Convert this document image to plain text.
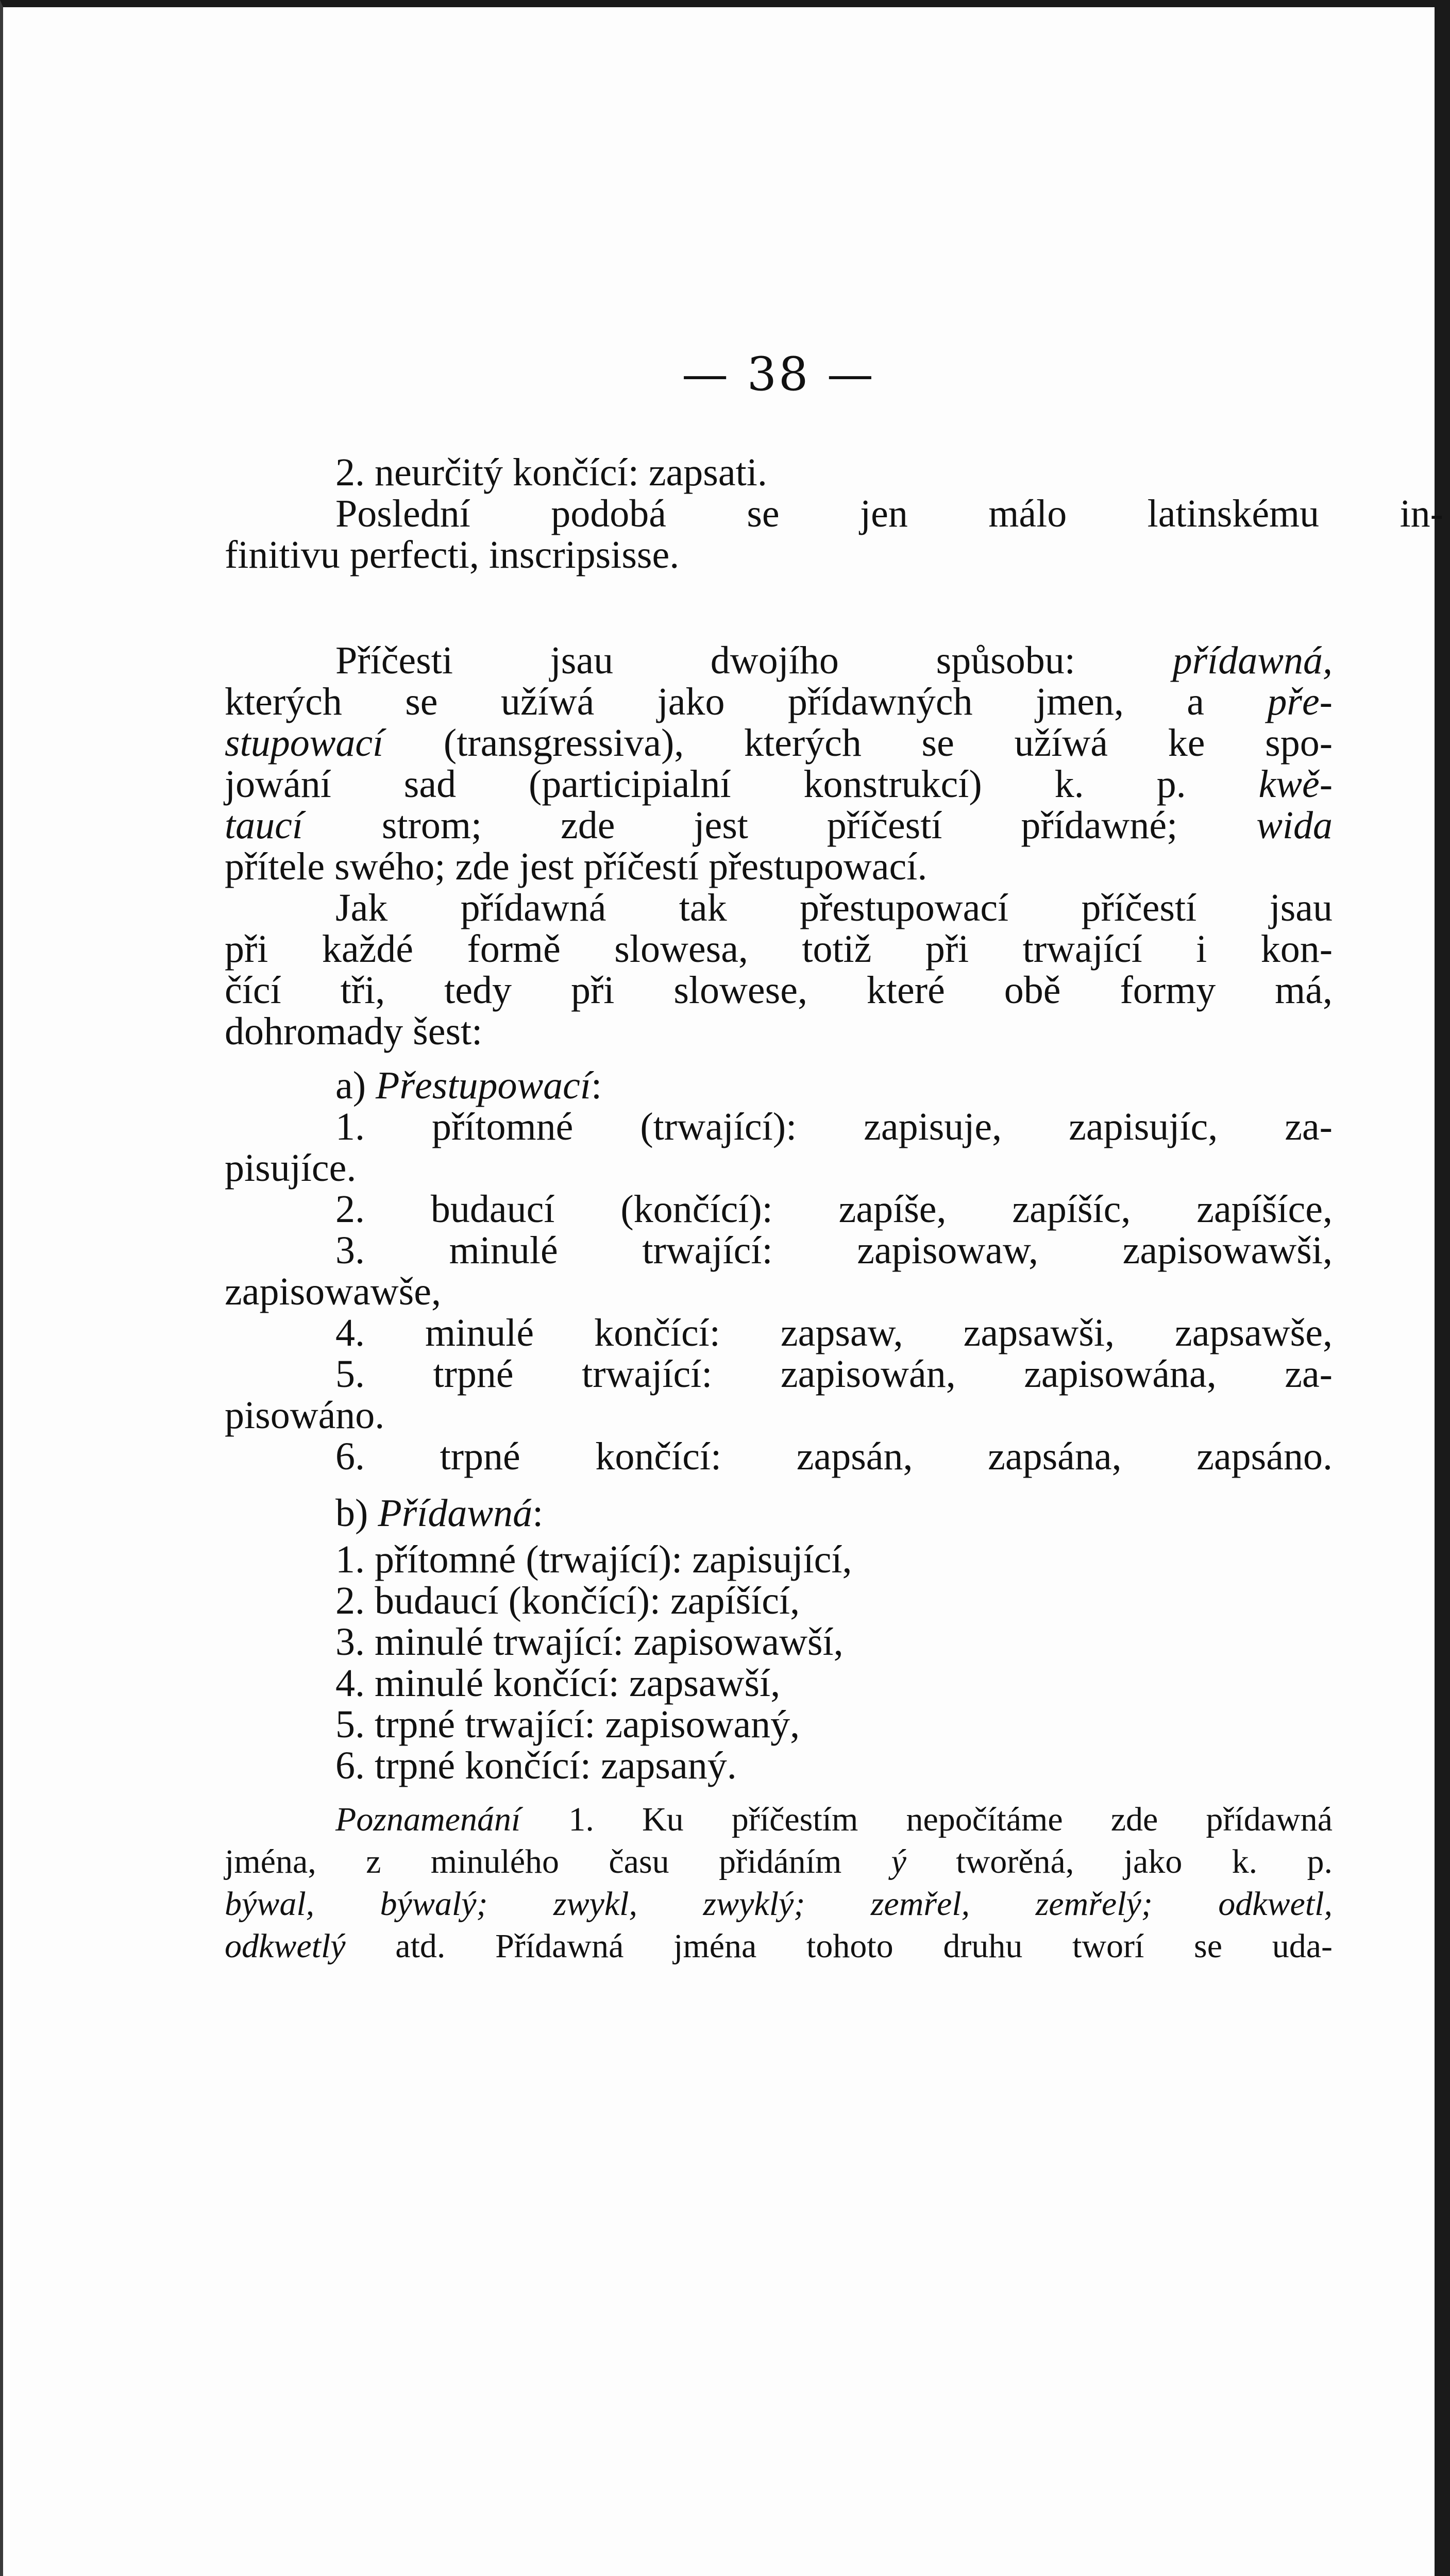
— 38 —
2. neurčitý končící: zapsati.
Poslední podobá se jen málo latinskému in-
finitivu perfecti, inscripsisse.
Příčesti jsau dwojího spůsobu: přídawná,
kterých se užíwá jako přídawných jmen, a pře-
stupowací (transgressiva), kterých se užíwá ke spo-
jowání sad (participialní konstrukcí) k. p. kwě-
taucí strom; zde jest příčestí přídawné; wida
přítele swého; zde jest příčestí přestupowací.
Jak přídawná tak přestupowací příčestí jsau
při každé formě slowesa, totiž při trwající i kon-
čící tři, tedy při slowese, které obě formy má,
dohromady šest:
a) Přestupowací:
1. přítomné (trwající): zapisuje, zapisujíc, za-
pisujíce.
2. budaucí (končící): zapíše, zapíšíc, zapíšíce,
3. minulé trwající: zapisowaw, zapisowawši,
zapisowawše,
4. minulé končící: zapsaw, zapsawši, zapsawše,
5. trpné trwající: zapisowán, zapisowána, za-
pisowáno.
6. trpné končící: zapsán, zapsána, zapsáno.
b) Přídawná:
1. přítomné (trwající): zapisující,
2. budaucí (končící): zapíšící,
3. minulé trwající: zapisowawší,
4. minulé končící: zapsawší,
5. trpné trwající: zapisowaný,
6. trpné končící: zapsaný.
Poznamenání 1. Ku příčestím nepočítáme zde přídawná
jména, z minulého času přidáním ý tworěná, jako k. p.
býwal, býwalý; zwykl, zwyklý; zemřel, zemřelý; odkwetl,
odkwetlý atd. Přídawná jména tohoto druhu tworí se uda-
